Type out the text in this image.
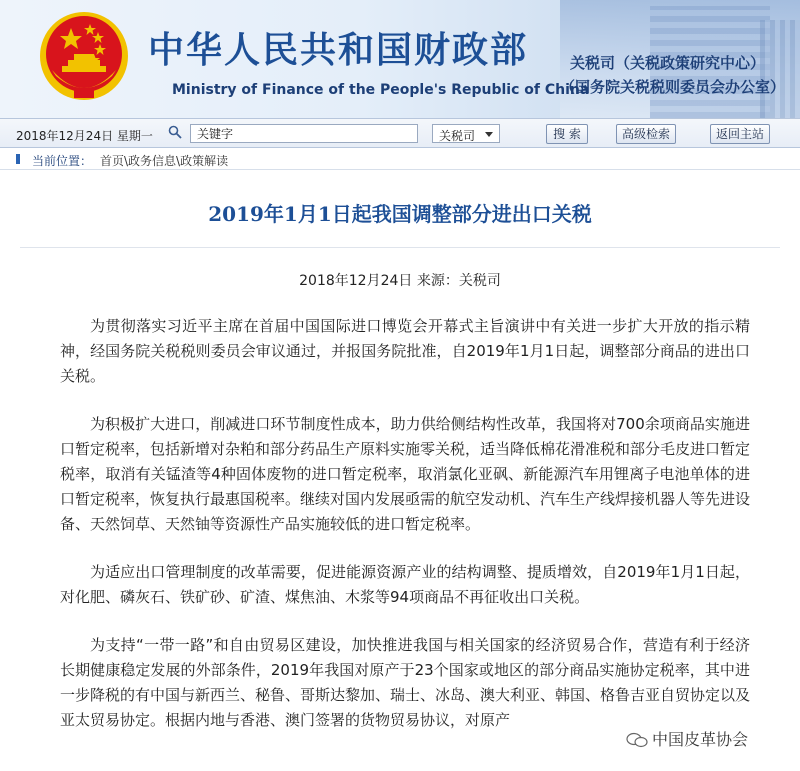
中华人民共和国财政部
Ministry of Finance of the People's Republic of China
关税司（关税政策研究中心）
（国务院关税税则委员会办公室）
2018年12月24日 星期一
关键字	关税司	搜 索	高级检索	返回主站
当前位置： 首页\政务信息\政策解读
2019年1月1日起我国调整部分进出口关税
2018年12月24日 来源：关税司

为贯彻落实习近平主席在首届中国国际进口博览会开幕式主旨演讲中有关进一步扩大开放的指示精神，经国务院关税税则委员会审议通过，并报国务院批准，自2019年1月1日起，调整部分商品的进出口关税。

为积极扩大进口，削减进口环节制度性成本，助力供给侧结构性改革，我国将对700余项商品实施进口暂定税率，包括新增对杂粕和部分药品生产原料实施零关税，适当降低棉花滑准税和部分毛皮进口暂定税率，取消有关锰渣等4种固体废物的进口暂定税率，取消氯化亚砜、新能源汽车用锂离子电池单体的进口暂定税率，恢复执行最惠国税率。继续对国内发展亟需的航空发动机、汽车生产线焊接机器人等先进设备、天然饲草、天然铀等资源性产品实施较低的进口暂定税率。

为适应出口管理制度的改革需要，促进能源资源产业的结构调整、提质增效，自2019年1月1日起，对化肥、磷灰石、铁矿砂、矿渣、煤焦油、木浆等94项商品不再征收出口关税。

为支持“一带一路”和自由贸易区建设，加快推进我国与相关国家的经济贸易合作，营造有利于经济长期健康稳定发展的外部条件，2019年我国对原产于23个国家或地区的部分商品实施协定税率，其中进一步降税的有中国与新西兰、秘鲁、哥斯达黎加、瑞士、冰岛、澳大利亚、韩国、格鲁吉亚自贸协定以及亚太贸易协定。根据内地与香港、澳门签署的货物贸易协议，对原产

中国皮革协会
